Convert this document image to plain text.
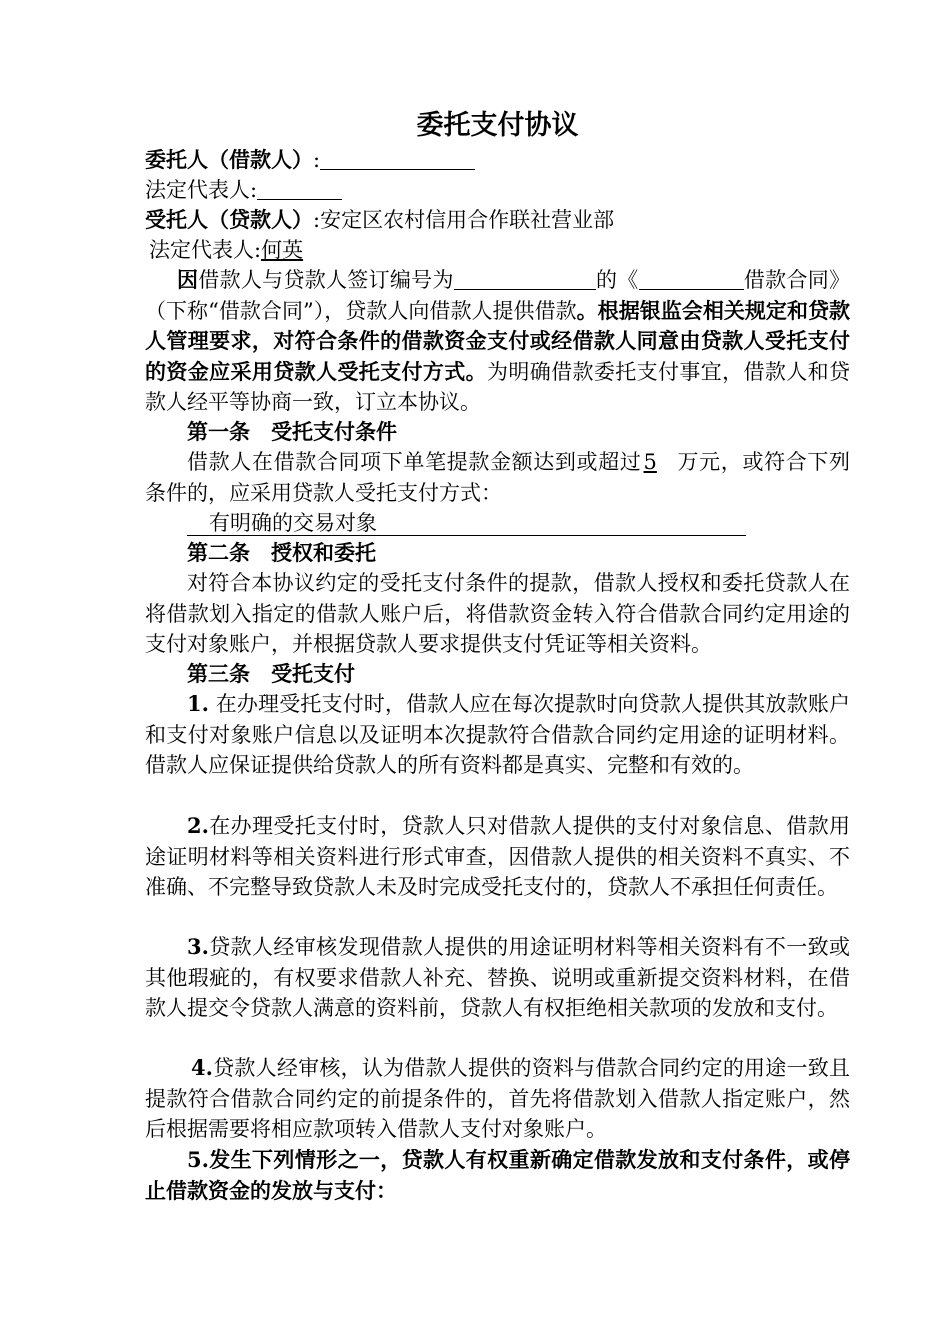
委托支付协议
委托人（借款人）:
法定代表人:
受托人（贷款人）:安定区农村信用合作联社营业部
法定代表人:何英
因借款人与贷款人签订编号为	的《	借款合同》（下称“借款合同”），贷款人向借款人提供借款。根据银监会相关规定和贷款人管理要求，对符合条件的借款资金支付或经借款人同意由贷款人受托支付的资金应采用贷款人受托支付方式。为明确借款委托支付事宜，借款人和贷款人经平等协商一致，订立本协议。
第一条　受托支付条件
借款人在借款合同项下单笔提款金额达到或超过5 万元，或符合下列条件的，应采用贷款人受托支付方式：
有明确的交易对象
第二条　授权和委托
对符合本协议约定的受托支付条件的提款，借款人授权和委托贷款人在将借款划入指定的借款人账户后，将借款资金转入符合借款合同约定用途的支付对象账户，并根据贷款人要求提供支付凭证等相关资料。
第三条　受托支付
1. 在办理受托支付时，借款人应在每次提款时向贷款人提供其放款账户和支付对象账户信息以及证明本次提款符合借款合同约定用途的证明材料。借款人应保证提供给贷款人的所有资料都是真实、完整和有效的。
2.在办理受托支付时，贷款人只对借款人提供的支付对象信息、借款用途证明材料等相关资料进行形式审查，因借款人提供的相关资料不真实、不准确、不完整导致贷款人未及时完成受托支付的，贷款人不承担任何责任。
3.贷款人经审核发现借款人提供的用途证明材料等相关资料有不一致或其他瑕疵的，有权要求借款人补充、替换、说明或重新提交资料材料，在借款人提交令贷款人满意的资料前，贷款人有权拒绝相关款项的发放和支付。
4.贷款人经审核，认为借款人提供的资料与借款合同约定的用途一致且提款符合借款合同约定的前提条件的，首先将借款划入借款人指定账户，然后根据需要将相应款项转入借款人支付对象账户。
5.发生下列情形之一，贷款人有权重新确定借款发放和支付条件，或停止借款资金的发放与支付：
